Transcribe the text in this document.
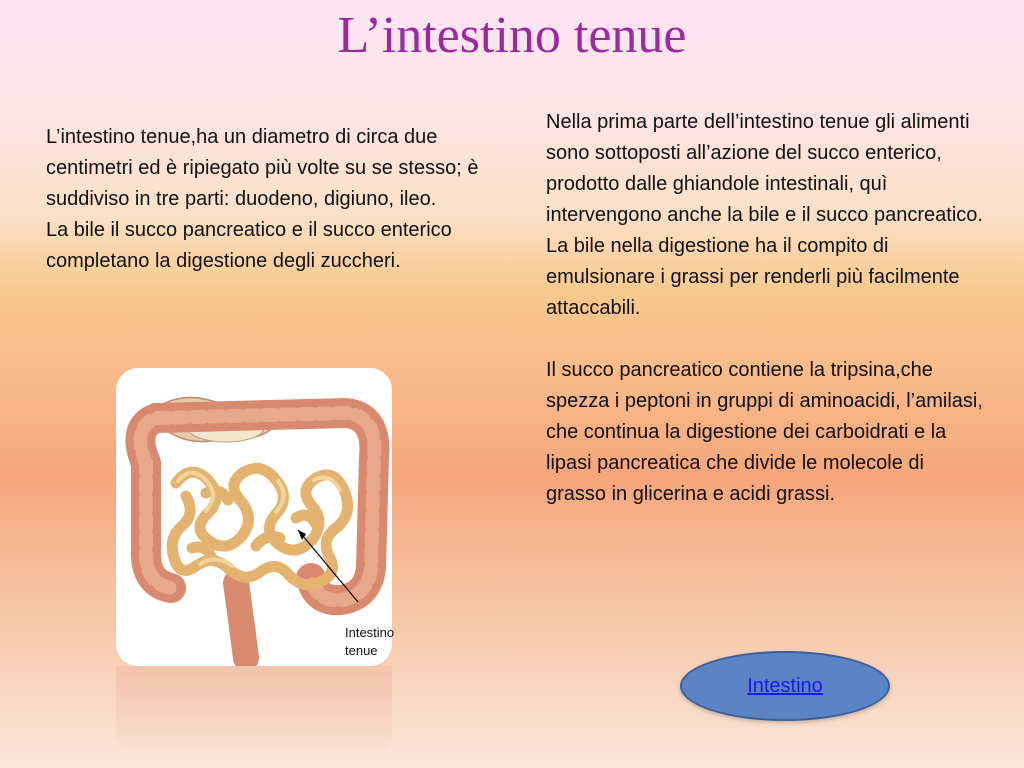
L’intestino tenue

L’intestino tenue,ha un diametro di circa due centimetri ed è ripiegato più volte su se stesso; è suddiviso in tre parti: duodeno, digiuno, ileo.
La bile il succo pancreatico e il succo enterico completano la digestione degli zuccheri.

Nella prima parte dell’intestino tenue gli alimenti sono sottoposti all’azione del succo enterico, prodotto dalle ghiandole intestinali, quì intervengono anche la bile e il succo pancreatico.
La bile nella digestione ha il compito di emulsionare i grassi per renderli più facilmente attaccabili.

Il succo pancreatico contiene la tripsina,che spezza i peptoni in gruppi di aminoacidi, l’amilasi, che continua la digestione dei carboidrati e la lipasi pancreatica che divide le molecole di grasso in glicerina e acidi grassi.

Intestino
tenue
Intestino
